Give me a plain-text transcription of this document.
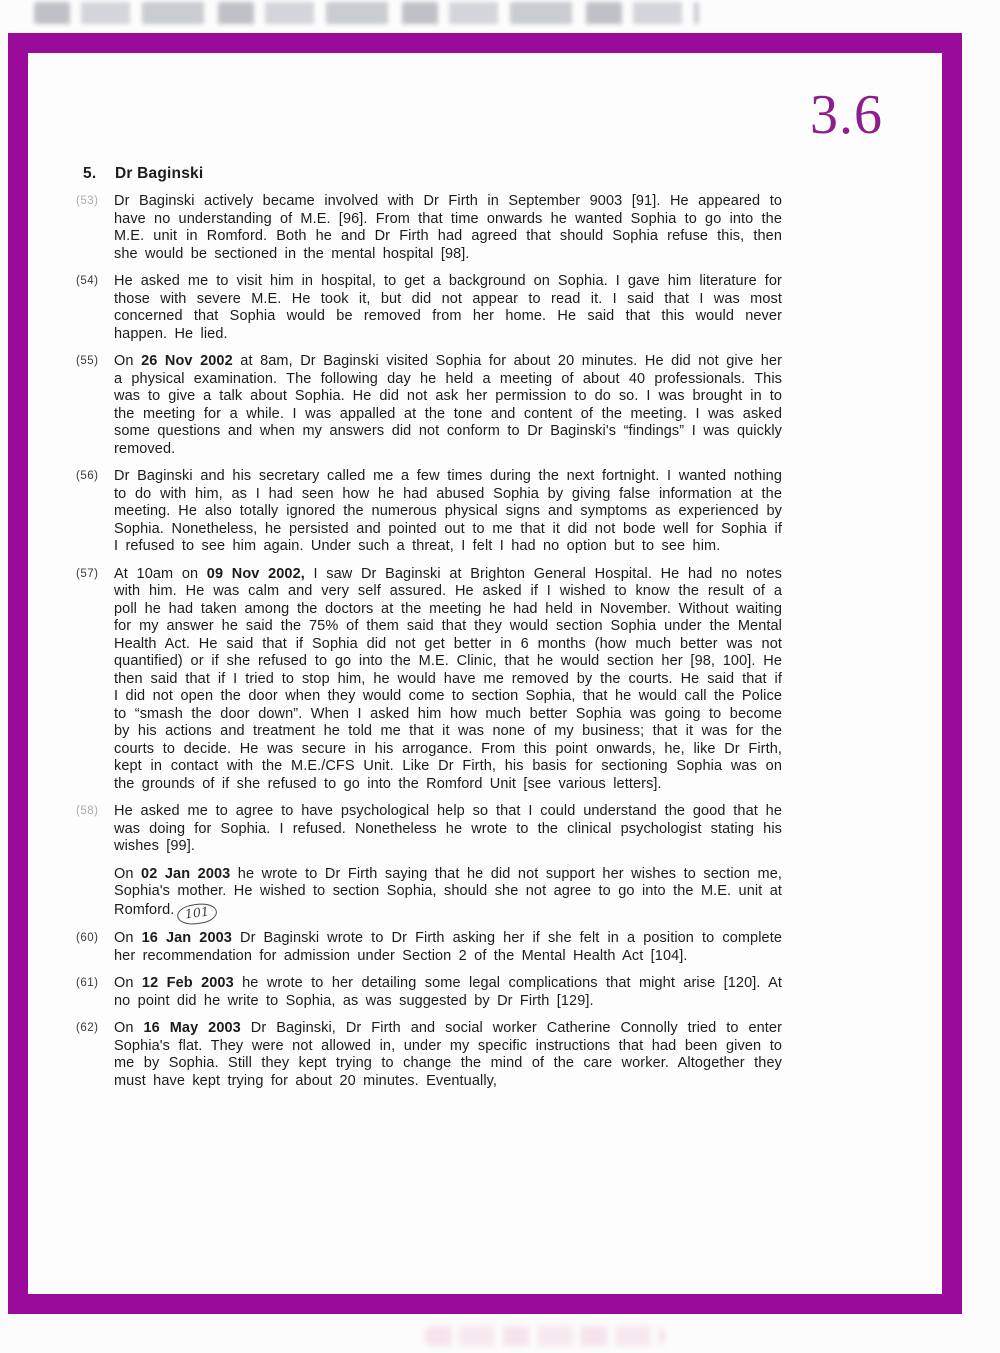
3.6
5. Dr Baginski
(53)	Dr Baginski actively became involved with Dr Firth in September 9003 [91]. He appeared to have no understanding of M.E. [96]. From that time onwards he wanted Sophia to go into the M.E. unit in Romford. Both he and Dr Firth had agreed that should Sophia refuse this, then she would be sectioned in the mental hospital [98].
(54)	He asked me to visit him in hospital, to get a background on Sophia. I gave him literature for those with severe M.E. He took it, but did not appear to read it. I said that I was most concerned that Sophia would be removed from her home. He said that this would never happen. He lied.
(55)	On 26 Nov 2002 at 8am, Dr Baginski visited Sophia for about 20 minutes. He did not give her a physical examination. The following day he held a meeting of about 40 professionals. This was to give a talk about Sophia. He did not ask her permission to do so. I was brought in to the meeting for a while. I was appalled at the tone and content of the meeting. I was asked some questions and when my answers did not conform to Dr Baginski's “findings” I was quickly removed.
(56)	Dr Baginski and his secretary called me a few times during the next fortnight. I wanted nothing to do with him, as I had seen how he had abused Sophia by giving false information at the meeting. He also totally ignored the numerous physical signs and symptoms as experienced by Sophia. Nonetheless, he persisted and pointed out to me that it did not bode well for Sophia if I refused to see him again. Under such a threat, I felt I had no option but to see him.
(57)	At 10am on 09 Nov 2002, I saw Dr Baginski at Brighton General Hospital. He had no notes with him. He was calm and very self assured. He asked if I wished to know the result of a poll he had taken among the doctors at the meeting he had held in November. Without waiting for my answer he said the 75% of them said that they would section Sophia under the Mental Health Act. He said that if Sophia did not get better in 6 months (how much better was not quantified) or if she refused to go into the M.E. Clinic, that he would section her [98, 100]. He then said that if I tried to stop him, he would have me removed by the courts. He said that if I did not open the door when they would come to section Sophia, that he would call the Police to “smash the door down”. When I asked him how much better Sophia was going to become by his actions and treatment he told me that it was none of my business; that it was for the courts to decide. He was secure in his arrogance. From this point onwards, he, like Dr Firth, kept in contact with the M.E./CFS Unit. Like Dr Firth, his basis for sectioning Sophia was on the grounds of if she refused to go into the Romford Unit [see various letters].
(58)	He asked me to agree to have psychological help so that I could understand the good that he was doing for Sophia. I refused. Nonetheless he wrote to the clinical psychologist stating his wishes [99].
On 02 Jan 2003 he wrote to Dr Firth saying that he did not support her wishes to section me, Sophia's mother. He wished to section Sophia, should she not agree to go into the M.E. unit at Romford. 101
(60)	On 16 Jan 2003 Dr Baginski wrote to Dr Firth asking her if she felt in a position to complete her recommendation for admission under Section 2 of the Mental Health Act [104].
(61)	On 12 Feb 2003 he wrote to her detailing some legal complications that might arise [120]. At no point did he write to Sophia, as was suggested by Dr Firth [129].
(62)	On 16 May 2003 Dr Baginski, Dr Firth and social worker Catherine Connolly tried to enter Sophia's flat. They were not allowed in, under my specific instructions that had been given to me by Sophia. Still they kept trying to change the mind of the care worker. Altogether they must have kept trying for about 20 minutes. Eventually,
